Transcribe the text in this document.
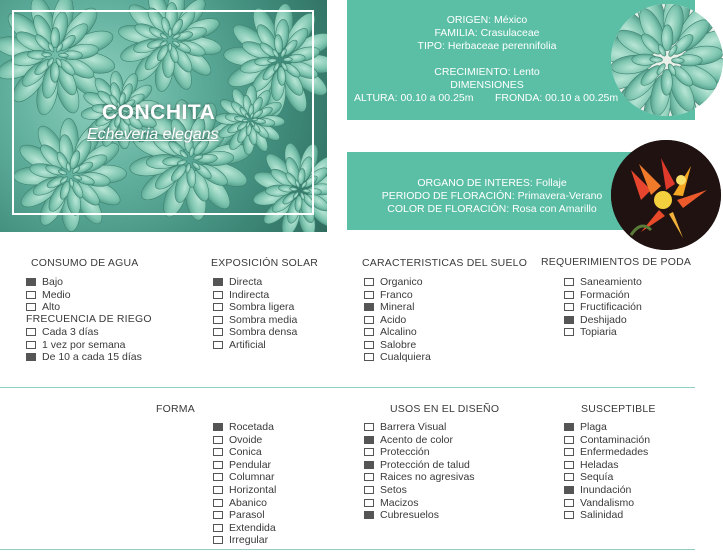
CONCHITA
Echeveria elegans
ORIGEN: México
FAMILIA: Crasulaceae
TIPO: Herbaceae perennifolia
CRECIMIENTO: Lento
DIMENSIONES
ALTURA: 00.10 a 00.25m FRONDA: 00.10 a 00.25m
ORGANO DE INTERES: Follaje
PERIODO DE FLORACIÓN: Primavera-Verano
COLOR DE FLORACIÓN: Rosa con Amarillo
CONSUMO DE AGUA
Bajo
Medio
Alto
FRECUENCIA DE RIEGO
Cada 3 días
1 vez por semana
De 10 a cada 15 días
EXPOSICIÓN SOLAR
Directa
Indirecta
Sombra ligera
Sombra media
Sombra densa
Artificial
CARACTERISTICAS DEL SUELO
Organico
Franco
Mineral
Acido
Alcalino
Salobre
Cualquiera
REQUERIMIENTOS DE PODA
Saneamiento
Formación
Fructificación
Deshijado
Topiaria
FORMA
Rocetada
Ovoide
Conica
Pendular
Columnar
Horizontal
Abanico
Parasol
Extendida
Irregular
USOS EN EL DISEÑO
Barrera Visual
Acento de color
Protección
Protección de talud
Raices no agresivas
Setos
Macizos
Cubresuelos
SUSCEPTIBLE
Plaga
Contaminación
Enfermedades
Heladas
Sequía
Inundación
Vandalismo
Salinidad
